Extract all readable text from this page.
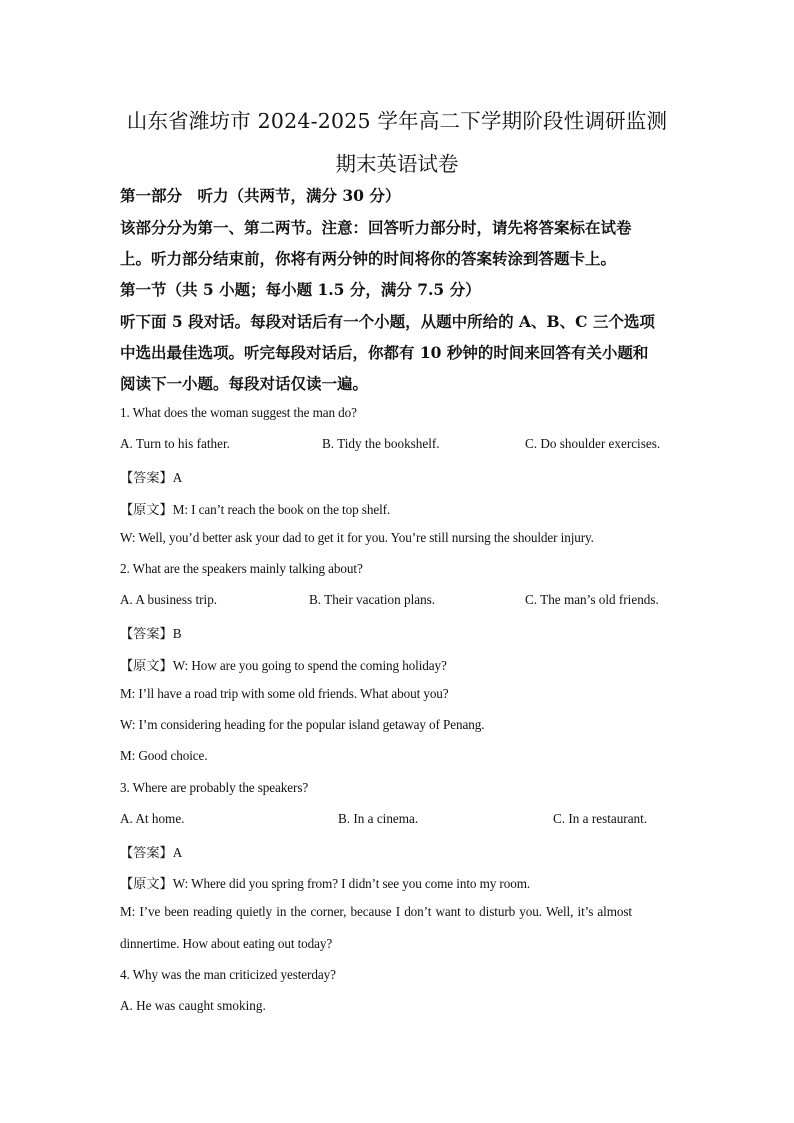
山东省潍坊市 2024-2025 学年高二下学期阶段性调研监测
期末英语试卷
第一部分　听力（共两节，满分 30 分）
该部分分为第一、第二两节。注意：回答听力部分时，请先将答案标在试卷
上。听力部分结束前，你将有两分钟的时间将你的答案转涂到答题卡上。
第一节（共 5 小题；每小题 1.5 分，满分 7.5 分）
听下面 5 段对话。每段对话后有一个小题，从题中所给的 A、B、C 三个选项
中选出最佳选项。听完每段对话后，你都有 10 秒钟的时间来回答有关小题和
阅读下一小题。每段对话仅读一遍。
1. What does the woman suggest the man do?
A. Turn to his father.	B. Tidy the bookshelf.	C. Do shoulder exercises.
【答案】A
【原文】M: I can’t reach the book on the top shelf.
W: Well, you’d better ask your dad to get it for you. You’re still nursing the shoulder injury.
2. What are the speakers mainly talking about?
A. A business trip.	B. Their vacation plans.	C. The man’s old friends.
【答案】B
【原文】W: How are you going to spend the coming holiday?
M: I’ll have a road trip with some old friends. What about you?
W: I’m considering heading for the popular island getaway of Penang.
M: Good choice.
3. Where are probably the speakers?
A. At home.	B. In a cinema.	C. In a restaurant.
【答案】A
【原文】W: Where did you spring from? I didn’t see you come into my room.
M: I’ve been reading quietly in the corner, because I don’t want to disturb you. Well, it’s almost
dinnertime. How about eating out today?
4. Why was the man criticized yesterday?
A. He was caught smoking.
